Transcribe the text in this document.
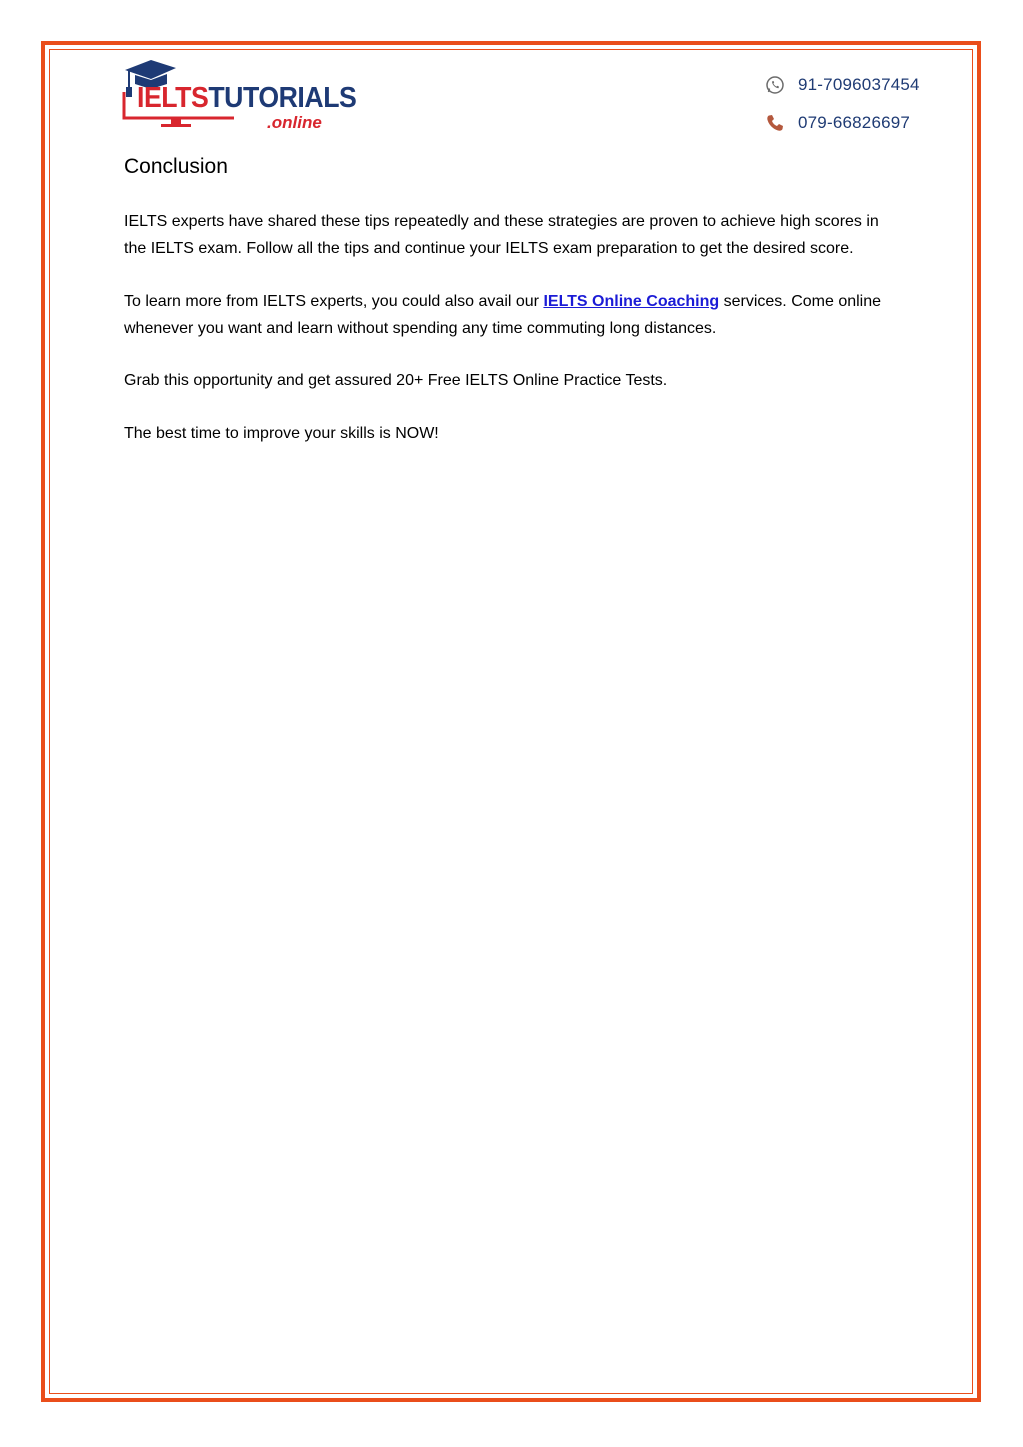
IELTSTUTORIALS
.online
91-7096037454
079-66826697
Conclusion

IELTS experts have shared these tips repeatedly and these strategies are proven to achieve high scores in the IELTS exam. Follow all the tips and continue your IELTS exam preparation to get the desired score.

To learn more from IELTS experts, you could also avail our IELTS Online Coaching services. Come online whenever you want and learn without spending any time commuting long distances.

Grab this opportunity and get assured 20+ Free IELTS Online Practice Tests.

The best time to improve your skills is NOW!
